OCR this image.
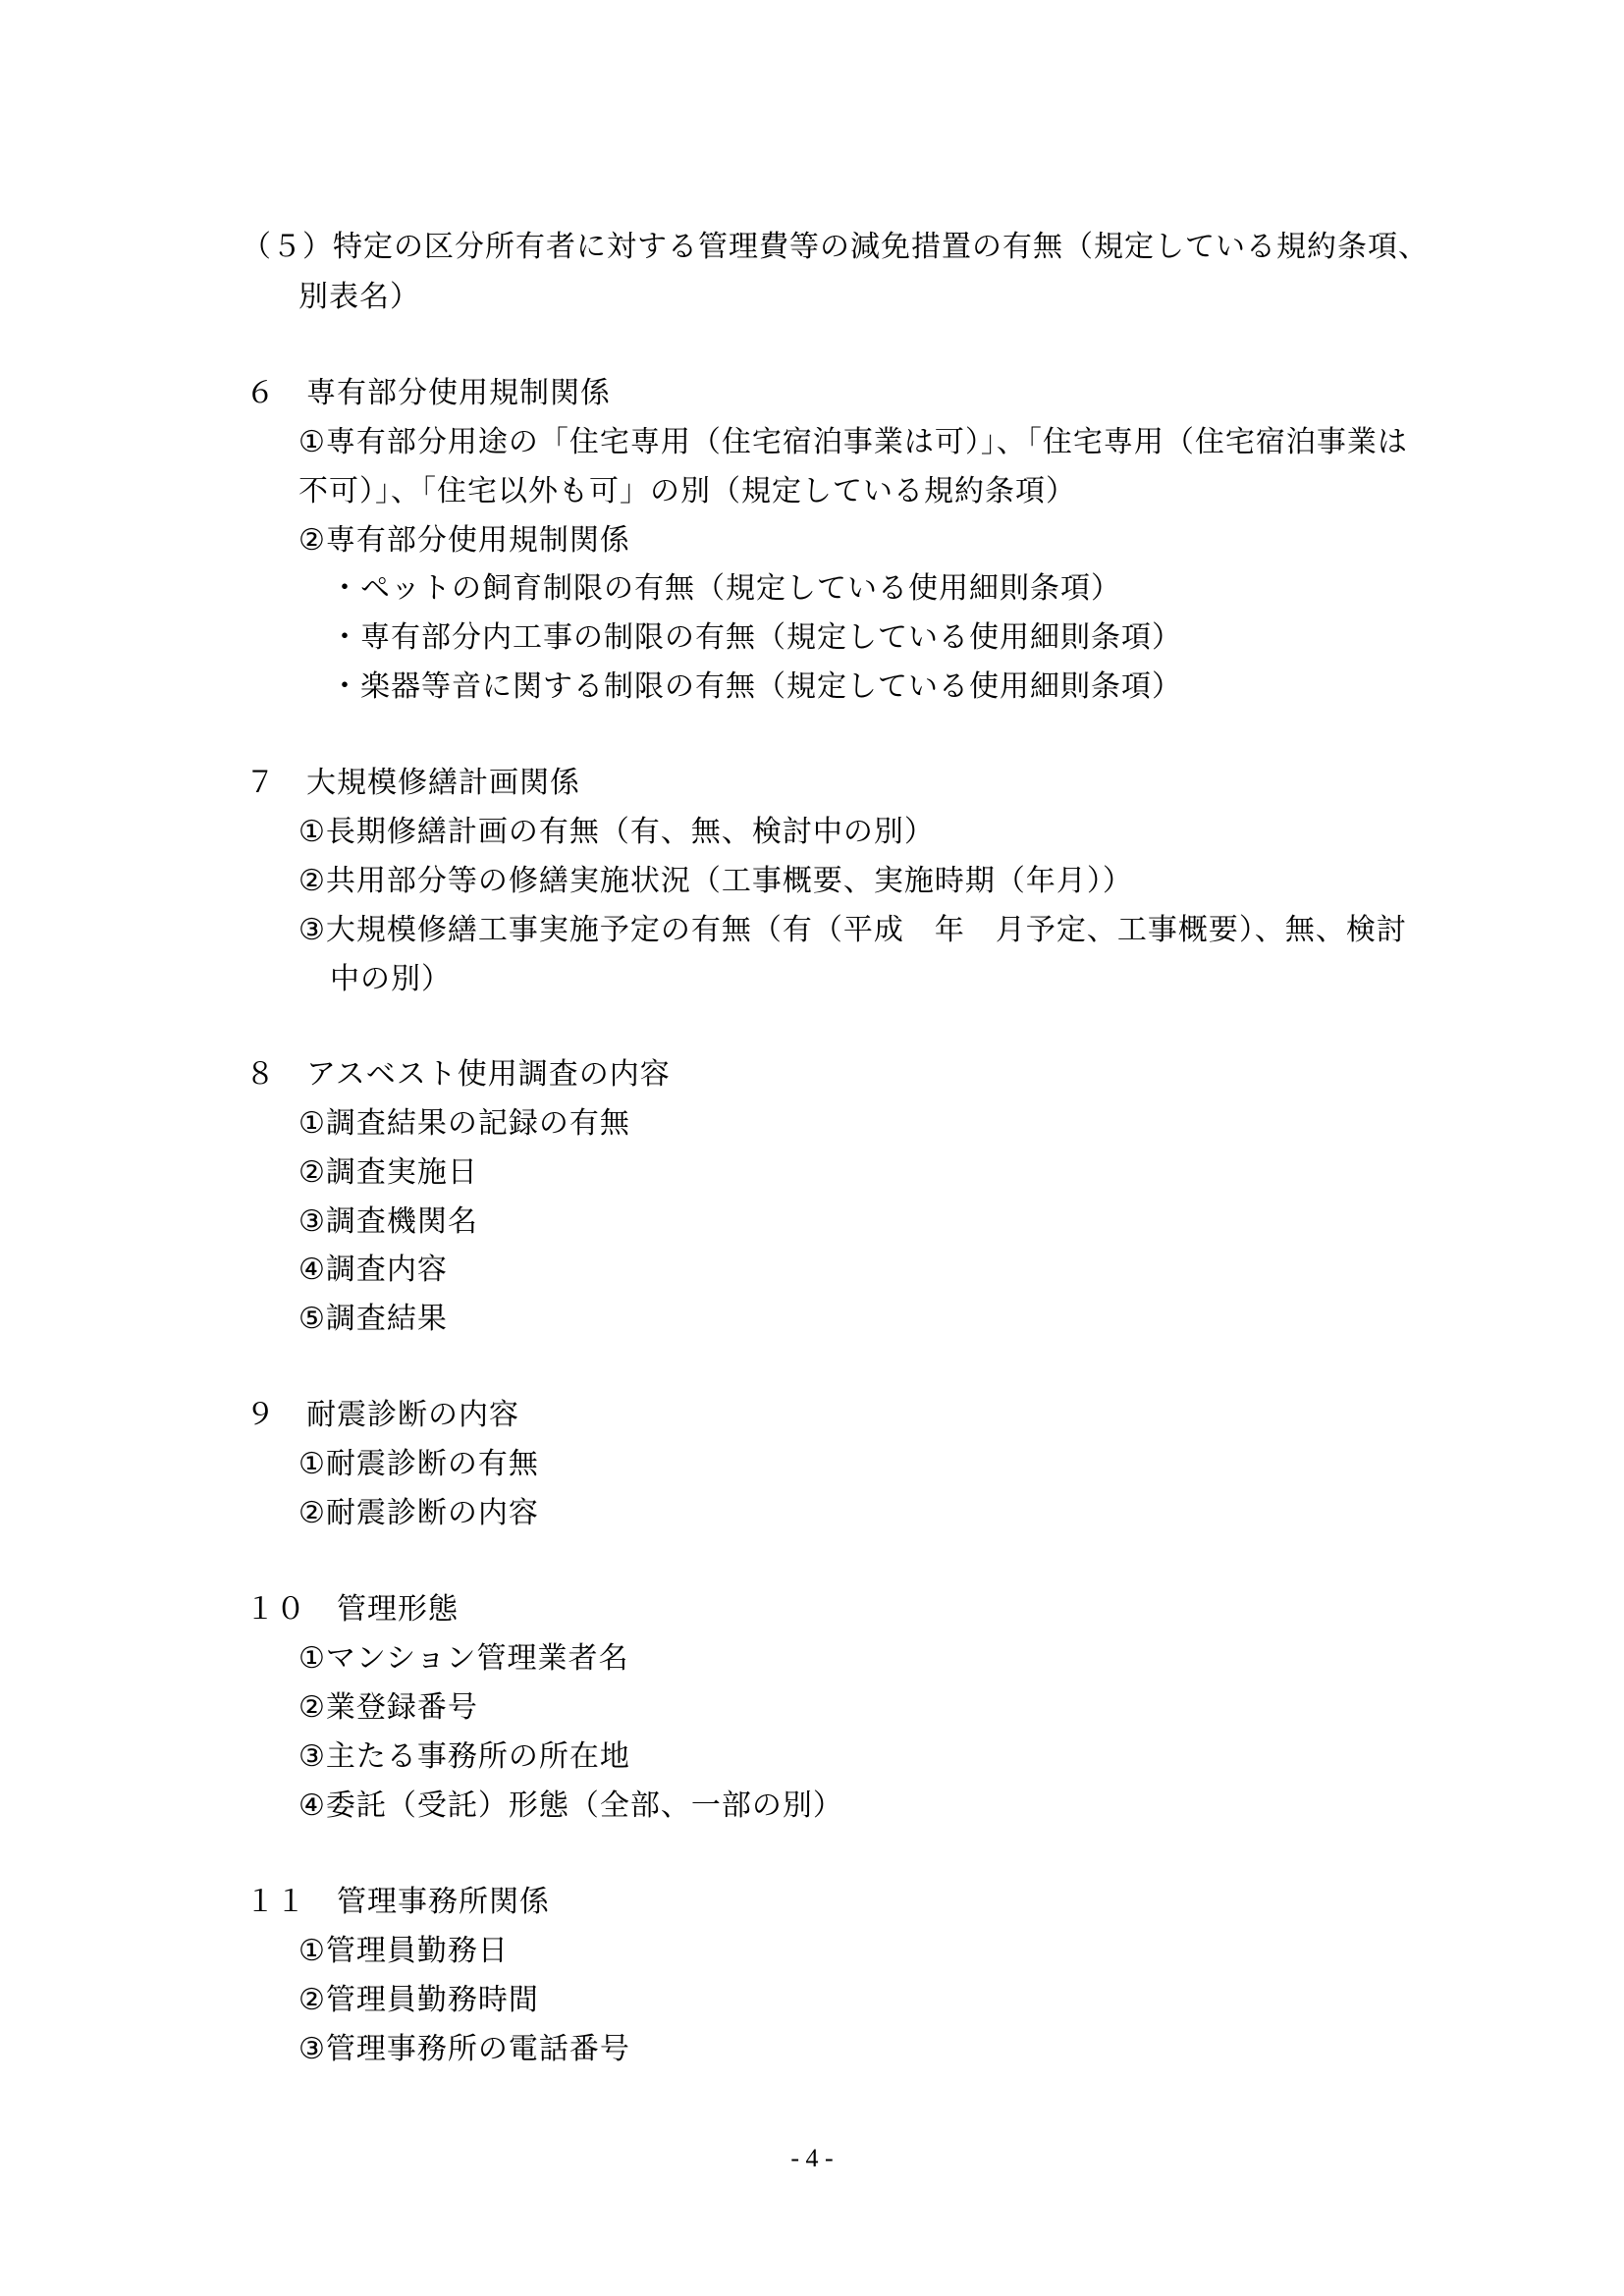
（５）特定の区分所有者に対する管理費等の減免措置の有無（規定している規約条項、
別表名）
６　専有部分使用規制関係
①専有部分用途の「住宅専用（住宅宿泊事業は可）」、「住宅専用（住宅宿泊事業は
不可）」、「住宅以外も可」の別（規定している規約条項）
②専有部分使用規制関係
・ペットの飼育制限の有無（規定している使用細則条項）
・専有部分内工事の制限の有無（規定している使用細則条項）
・楽器等音に関する制限の有無（規定している使用細則条項）
７　大規模修繕計画関係
①長期修繕計画の有無（有、無、検討中の別）
②共用部分等の修繕実施状況（工事概要、実施時期（年月））
③大規模修繕工事実施予定の有無（有（平成　年　月予定、工事概要）、無、検討
中の別）
８　アスベスト使用調査の内容
①調査結果の記録の有無
②調査実施日
③調査機関名
④調査内容
⑤調査結果
９　耐震診断の内容
①耐震診断の有無
②耐震診断の内容
１０　管理形態
①マンション管理業者名
②業登録番号
③主たる事務所の所在地
④委託（受託）形態（全部、一部の別）
１１　管理事務所関係
①管理員勤務日
②管理員勤務時間
③管理事務所の電話番号
- 4 -
